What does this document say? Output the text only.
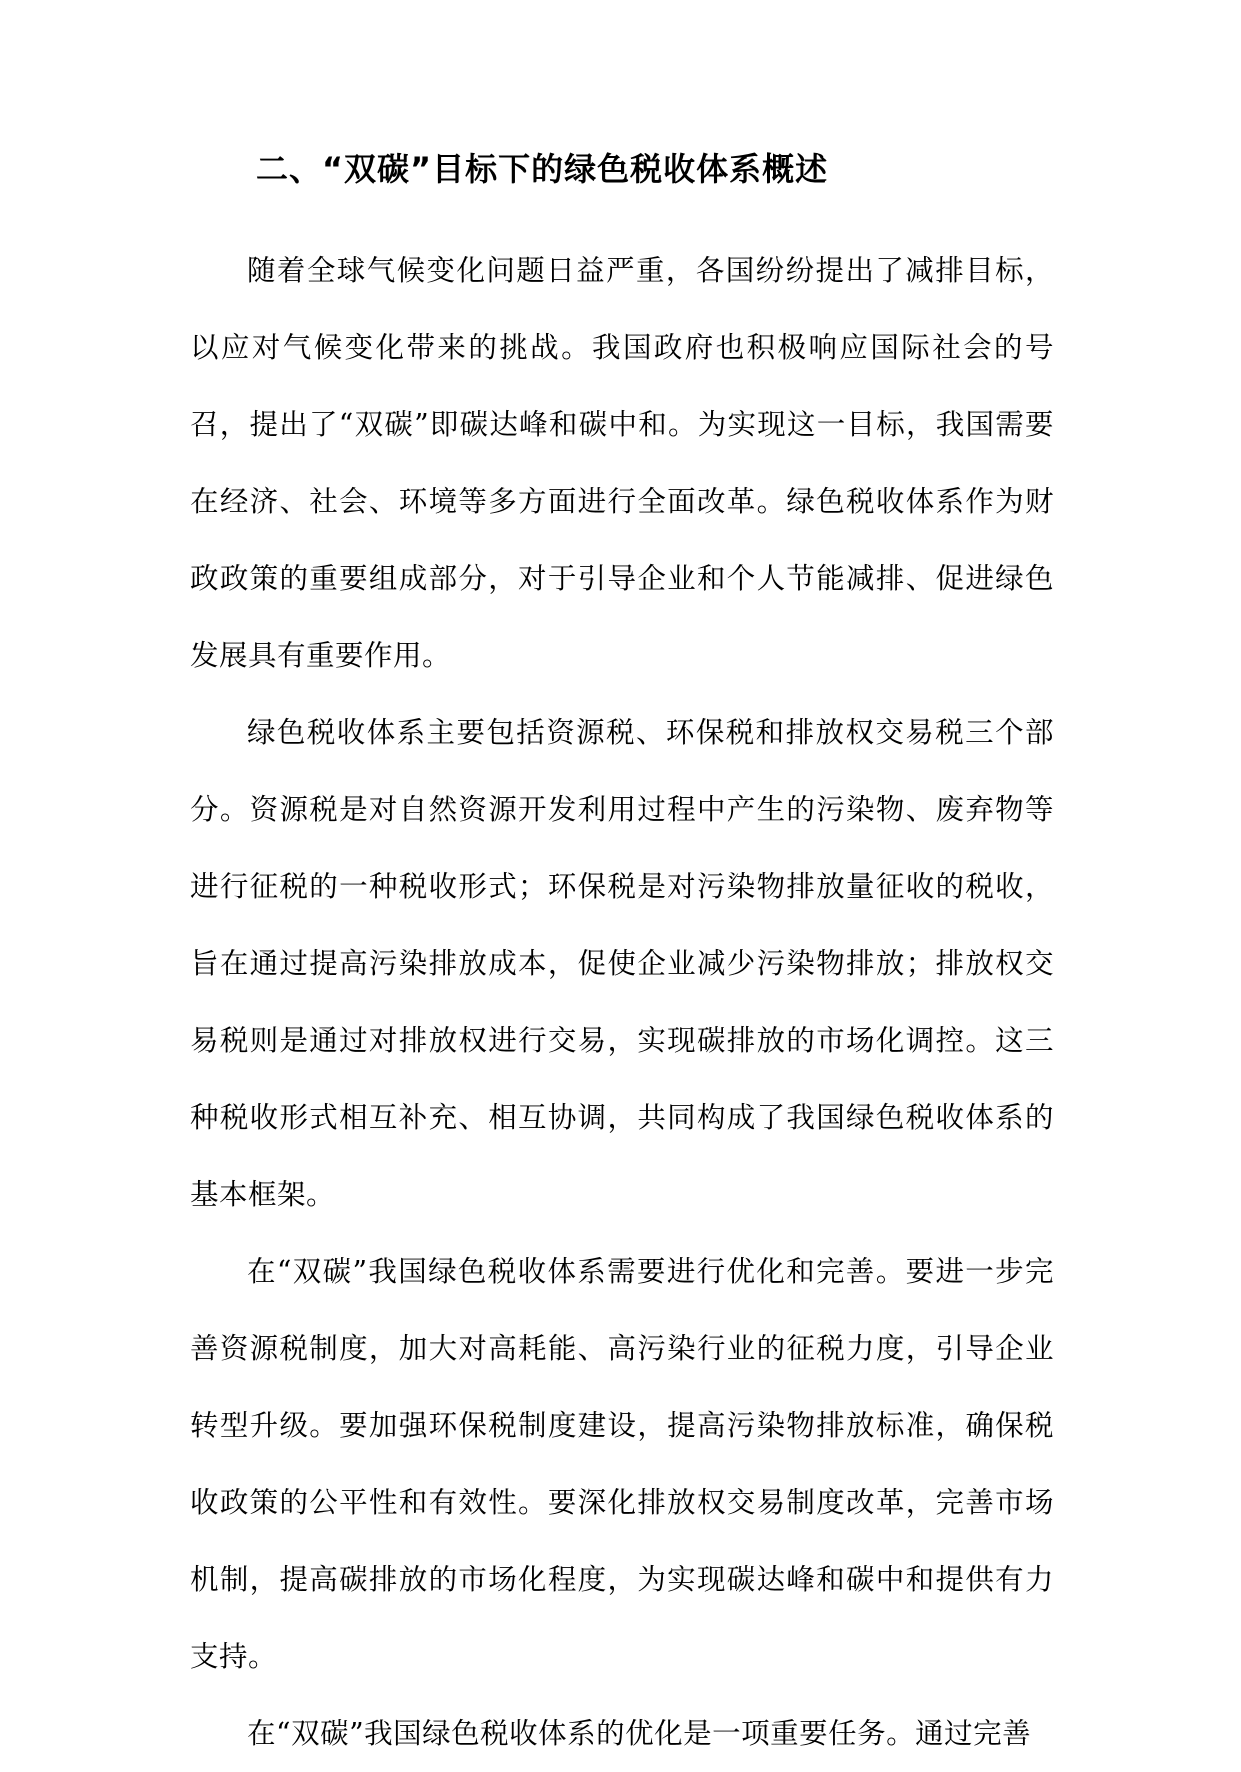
二、“双碳”目标下的绿色税收体系概述

随着全球气候变化问题日益严重，各国纷纷提出了减排目标，以应对气候变化带来的挑战。我国政府也积极响应国际社会的号召，提出了“双碳”即碳达峰和碳中和。为实现这一目标，我国需要在经济、社会、环境等多方面进行全面改革。绿色税收体系作为财政政策的重要组成部分，对于引导企业和个人节能减排、促进绿色发展具有重要作用。

绿色税收体系主要包括资源税、环保税和排放权交易税三个部分。资源税是对自然资源开发利用过程中产生的污染物、废弃物等进行征税的一种税收形式；环保税是对污染物排放量征收的税收，旨在通过提高污染排放成本，促使企业减少污染物排放；排放权交易税则是通过对排放权进行交易，实现碳排放的市场化调控。这三种税收形式相互补充、相互协调，共同构成了我国绿色税收体系的基本框架。

在“双碳”我国绿色税收体系需要进行优化和完善。要进一步完善资源税制度，加大对高耗能、高污染行业的征税力度，引导企业转型升级。要加强环保税制度建设，提高污染物排放标准，确保税收政策的公平性和有效性。要深化排放权交易制度改革，完善市场机制，提高碳排放的市场化程度，为实现碳达峰和碳中和提供有力支持。

在“双碳”我国绿色税收体系的优化是一项重要任务。通过完善
